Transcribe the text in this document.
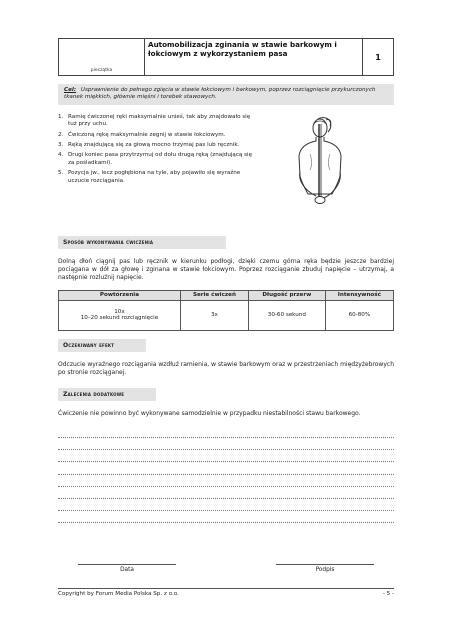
pieczątka
Automobilizacja zginania w stawie barkowym i łokciowym z wykorzystaniem pasa	1
Cel: Usprawnienie do pełnego zgięcia w stawie łokciowym i barkowym, poprzez rozciągnięcie przykurczonych tkanek miękkich, głównie mięśni i torebek stawowych.
1. Ramię ćwiczonej ręki maksymalnie unieś, tak aby znajdowało się tuż przy uchu.
2. Ćwiczoną rękę maksymalnie zegnij w stawie łokciowym.
3. Ręką znajdującą się za głową mocno trzymaj pas lub ręcznik.
4. Drugi koniec pasa przytrzymuj od dołu drugą ręką (znajdującą się za pośladkami).
5. Pozycja jw., lecz pogłębiona na tyle, aby pojawiło się wyraźne uczucie rozciągania.
Sposób wykonywania ćwiczenia
Dolną dłoń ciągnij pas lub ręcznik w kierunku podłogi, dzięki czemu górna ręka będzie jeszcze bardziej pociągana w dół za głowę i zginana w stawie łokciowym. Poprzez rozciąganie zbuduj napięcie – utrzymaj, a następnie rozluźnij napięcie.
Powtórzenia	Serie ćwiczeń	Długość przerw	Intensywność
10x
10–20 sekund rozciągnięcie	3x	30-60 sekund	60-80%
Oczekiwany efekt
Odczucie wyraźnego rozciągania wzdłuż ramienia, w stawie barkowym oraz w przestrzeniach międzyżebrowych po stronie rozciąganej.
Zalecenia dodatkowe
Ćwiczenie nie powinno być wykonywane samodzielnie w przypadku niestabilności stawu barkowego.
Data	Podpis
Copyright by Forum Media Polska Sp. z o.o.	- 5 -
